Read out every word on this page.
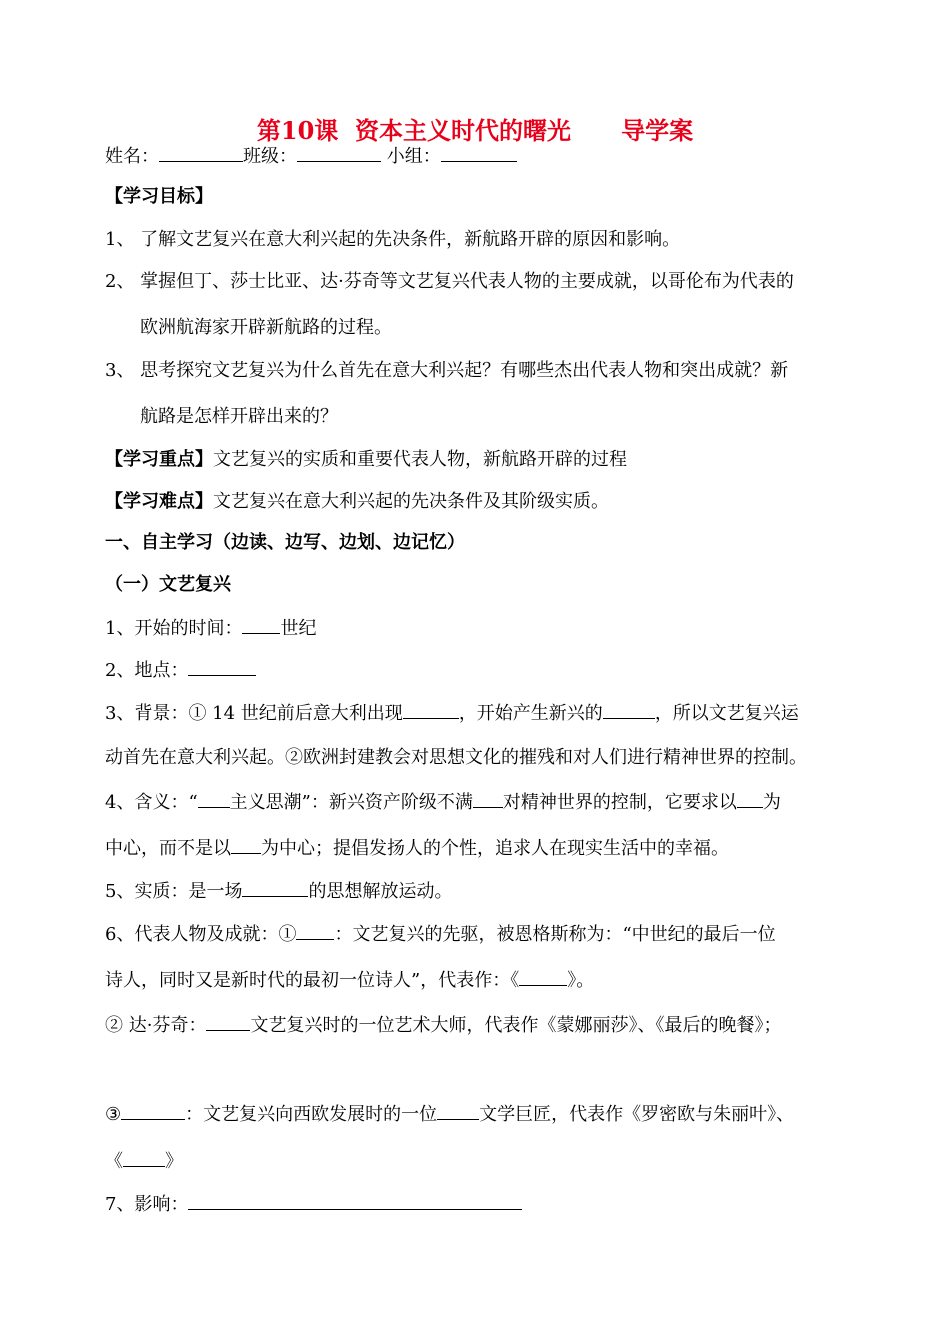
第10课  资本主义时代的曙光      导学案
姓名：	班级：	小组：
【学习目标】
1、 了解文艺复兴在意大利兴起的先决条件，新航路开辟的原因和影响。
2、 掌握但丁、莎士比亚、达·芬奇等文艺复兴代表人物的主要成就，以哥伦布为代表的
欧洲航海家开辟新航路的过程。
3、 思考探究文艺复兴为什么首先在意大利兴起？有哪些杰出代表人物和突出成就？新
航路是怎样开辟出来的？
【学习重点】文艺复兴的实质和重要代表人物，新航路开辟的过程
【学习难点】文艺复兴在意大利兴起的先决条件及其阶级实质。
一、自主学习（边读、边写、边划、边记忆）
（一）文艺复兴
1、开始的时间： 世纪
2、地点：
3、背景：① 14 世纪前后意大利出现	，开始产生新兴的	，所以文艺复兴运
动首先在意大利兴起。②欧洲封建教会对思想文化的摧残和对人们进行精神世界的控制。
4、含义：“ 主义思潮”：新兴资产阶级不满 对精神世界的控制，它要求以 为
中心，而不是以 为中心；提倡发扬人的个性，追求人在现实生活中的幸福。
5、实质：是一场	的思想解放运动。
6、代表人物及成就：① ：文艺复兴的先驱，被恩格斯称为：“中世纪的最后一位
诗人，同时又是新时代的最初一位诗人”，代表作：《	》。
② 达·芬奇： 文艺复兴时的一位艺术大师，代表作《蒙娜丽莎》、《最后的晚餐》；
③	：文艺复兴向西欧发展时的一位 文学巨匠，代表作《罗密欧与朱丽叶》、
《 》
7、影响：
